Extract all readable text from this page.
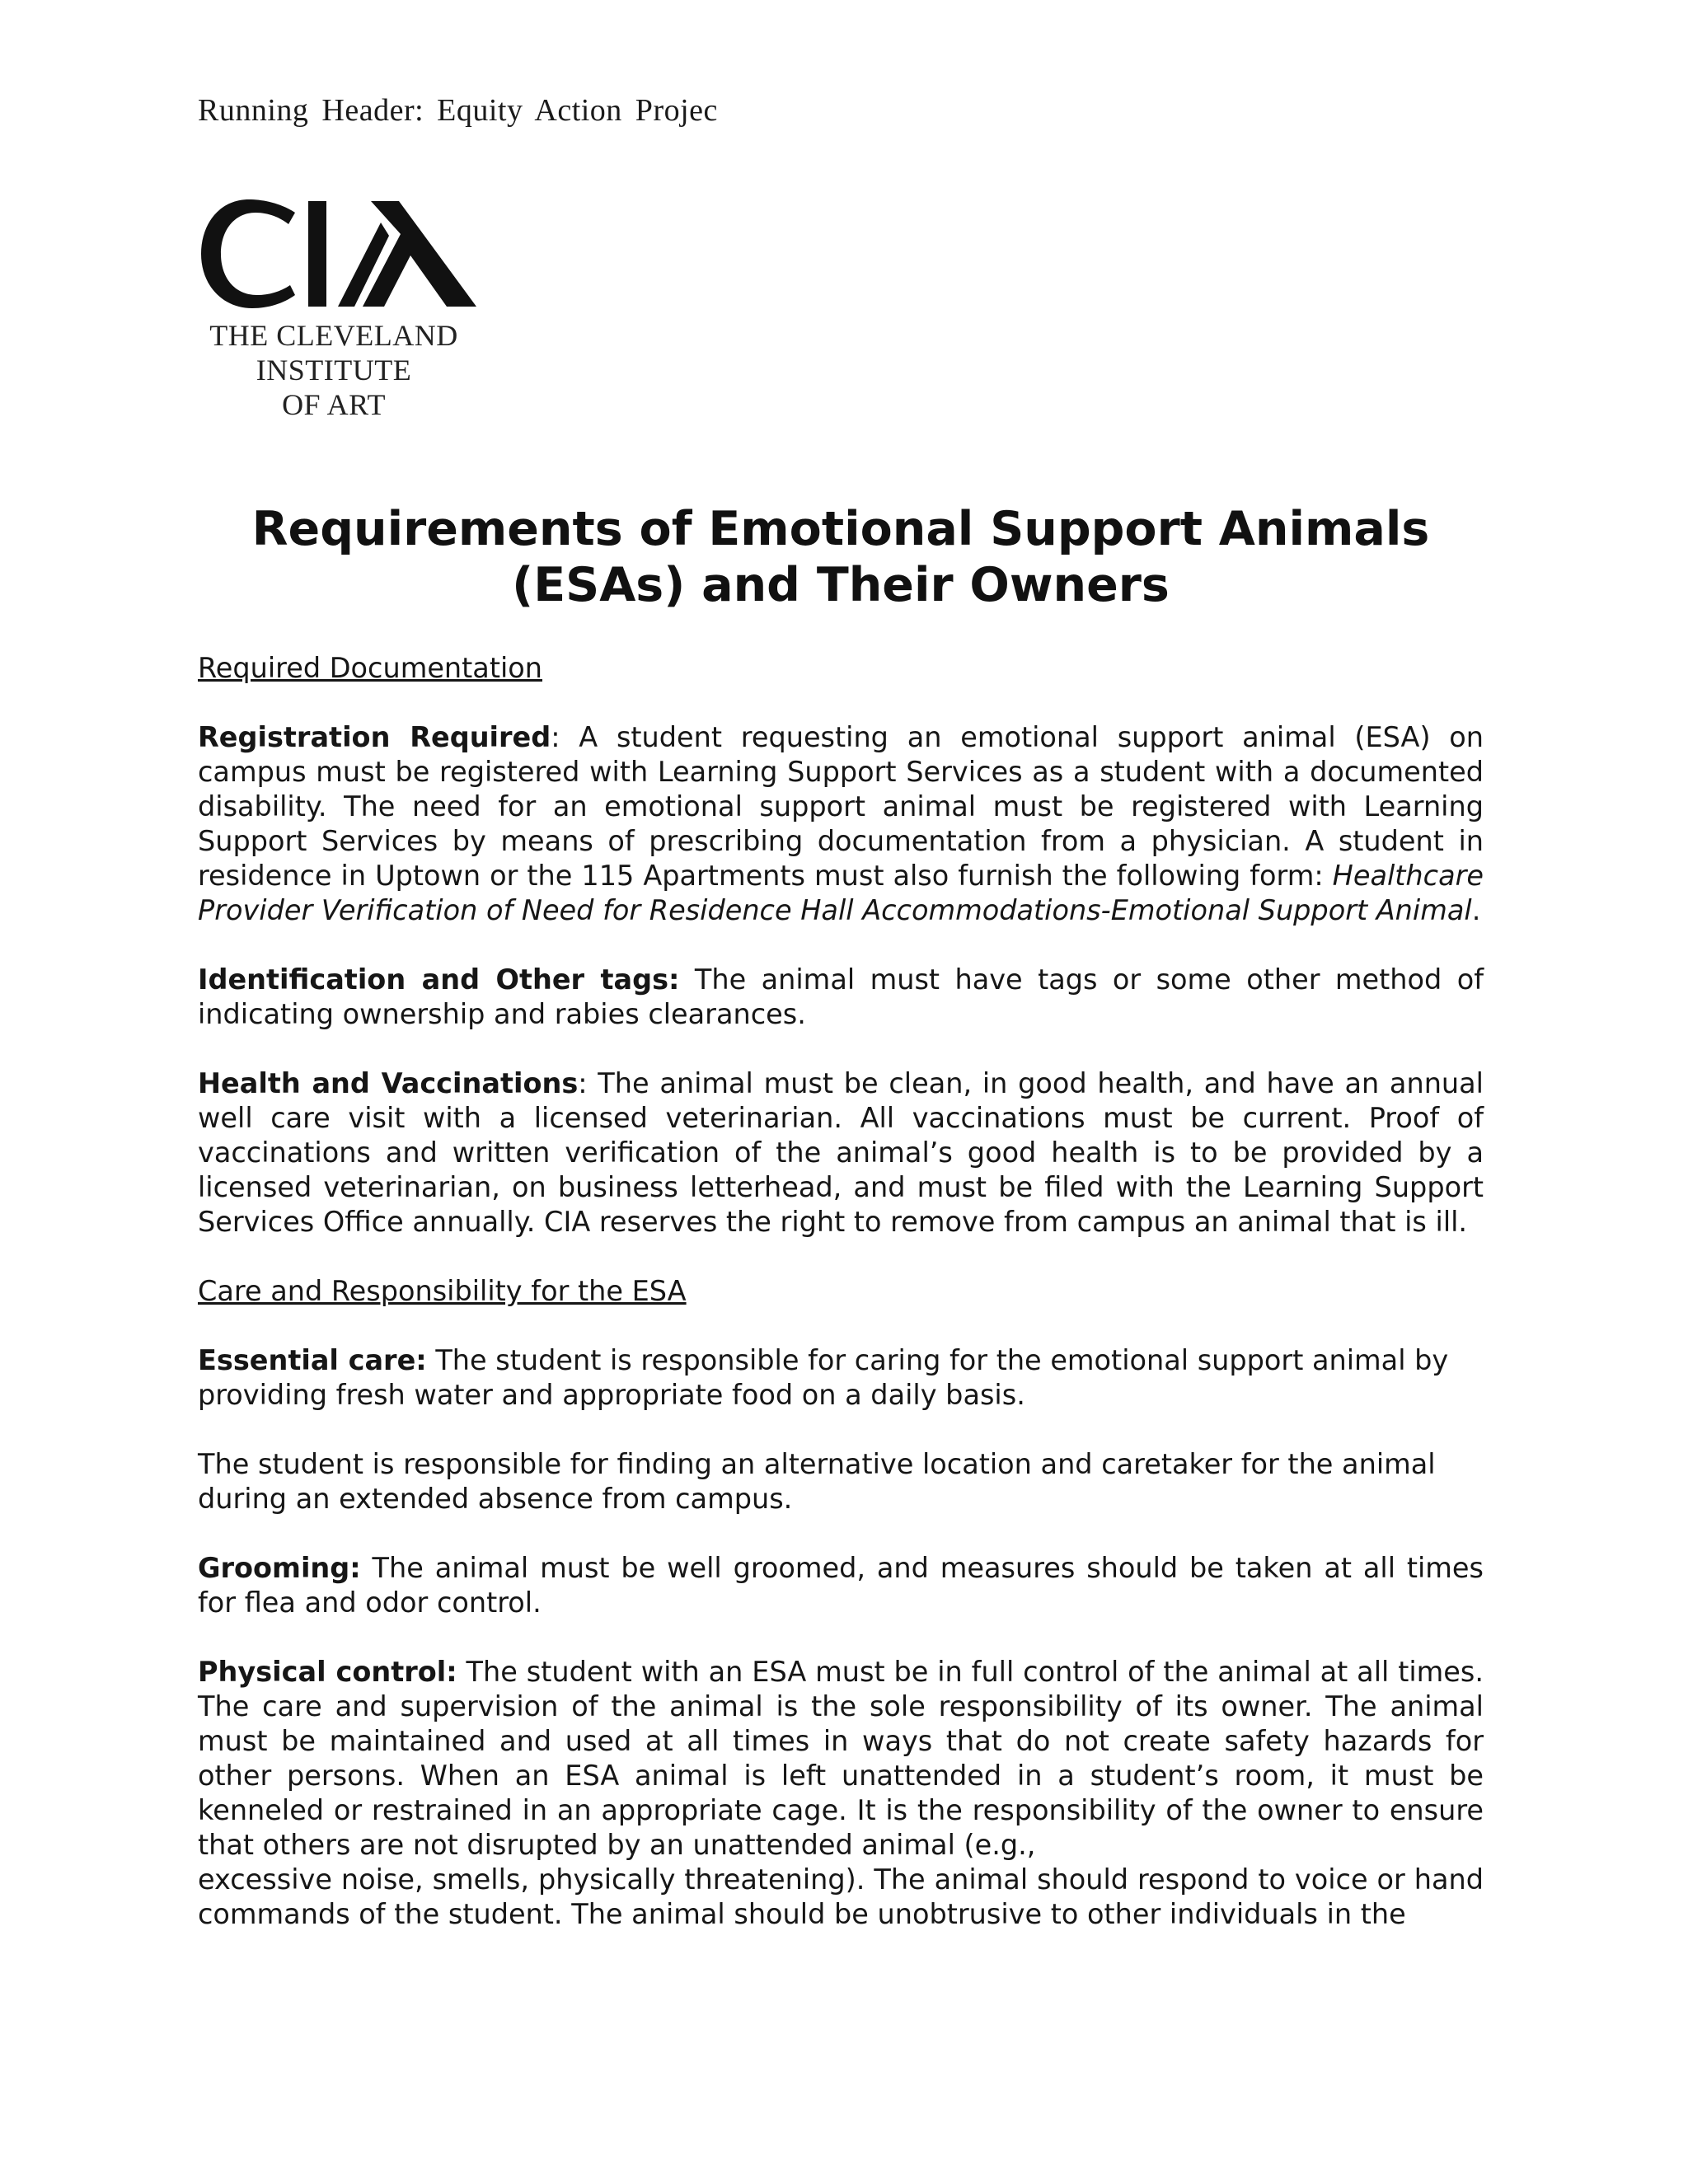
Running Header: Equity Action Projec
THE CLEVELAND
INSTITUTE
OF ART
Requirements of Emotional Support Animals (ESAs) and Their Owners
Required Documentation

Registration Required: A student requesting an emotional support animal (ESA) on campus must be registered with Learning Support Services as a student with a documented disability. The need for an emotional support animal must be registered with Learning Support Services by means of prescribing documentation from a physician. A student in residence in Uptown or the 115 Apartments must also furnish the following form: Healthcare Provider Verification of Need for Residence Hall Accommodations-Emotional Support Animal.

Identification and Other tags: The animal must have tags or some other method of indicating ownership and rabies clearances.

Health and Vaccinations: The animal must be clean, in good health, and have an annual well care visit with a licensed veterinarian. All vaccinations must be current. Proof of vaccinations and written verification of the animal’s good health is to be provided by a licensed veterinarian, on business letterhead, and must be filed with the Learning Support Services Office annually. CIA reserves the right to remove from campus an animal that is ill.

Care and Responsibility for the ESA

Essential care: The student is responsible for caring for the emotional support animal by providing fresh water and appropriate food on a daily basis.

The student is responsible for finding an alternative location and caretaker for the animal during an extended absence from campus.

Grooming: The animal must be well groomed, and measures should be taken at all times for flea and odor control.

Physical control: The student with an ESA must be in full control of the animal at all times. The care and supervision of the animal is the sole responsibility of its owner. The animal must be maintained and used at all times in ways that do not create safety hazards for other persons. When an ESA animal is left unattended in a student’s room, it must be kenneled or restrained in an appropriate cage. It is the responsibility of the owner to ensure that others are not disrupted by an unattended animal (e.g.,
excessive noise, smells, physically threatening). The animal should respond to voice or hand commands of the student. The animal should be unobtrusive to other individuals in the
